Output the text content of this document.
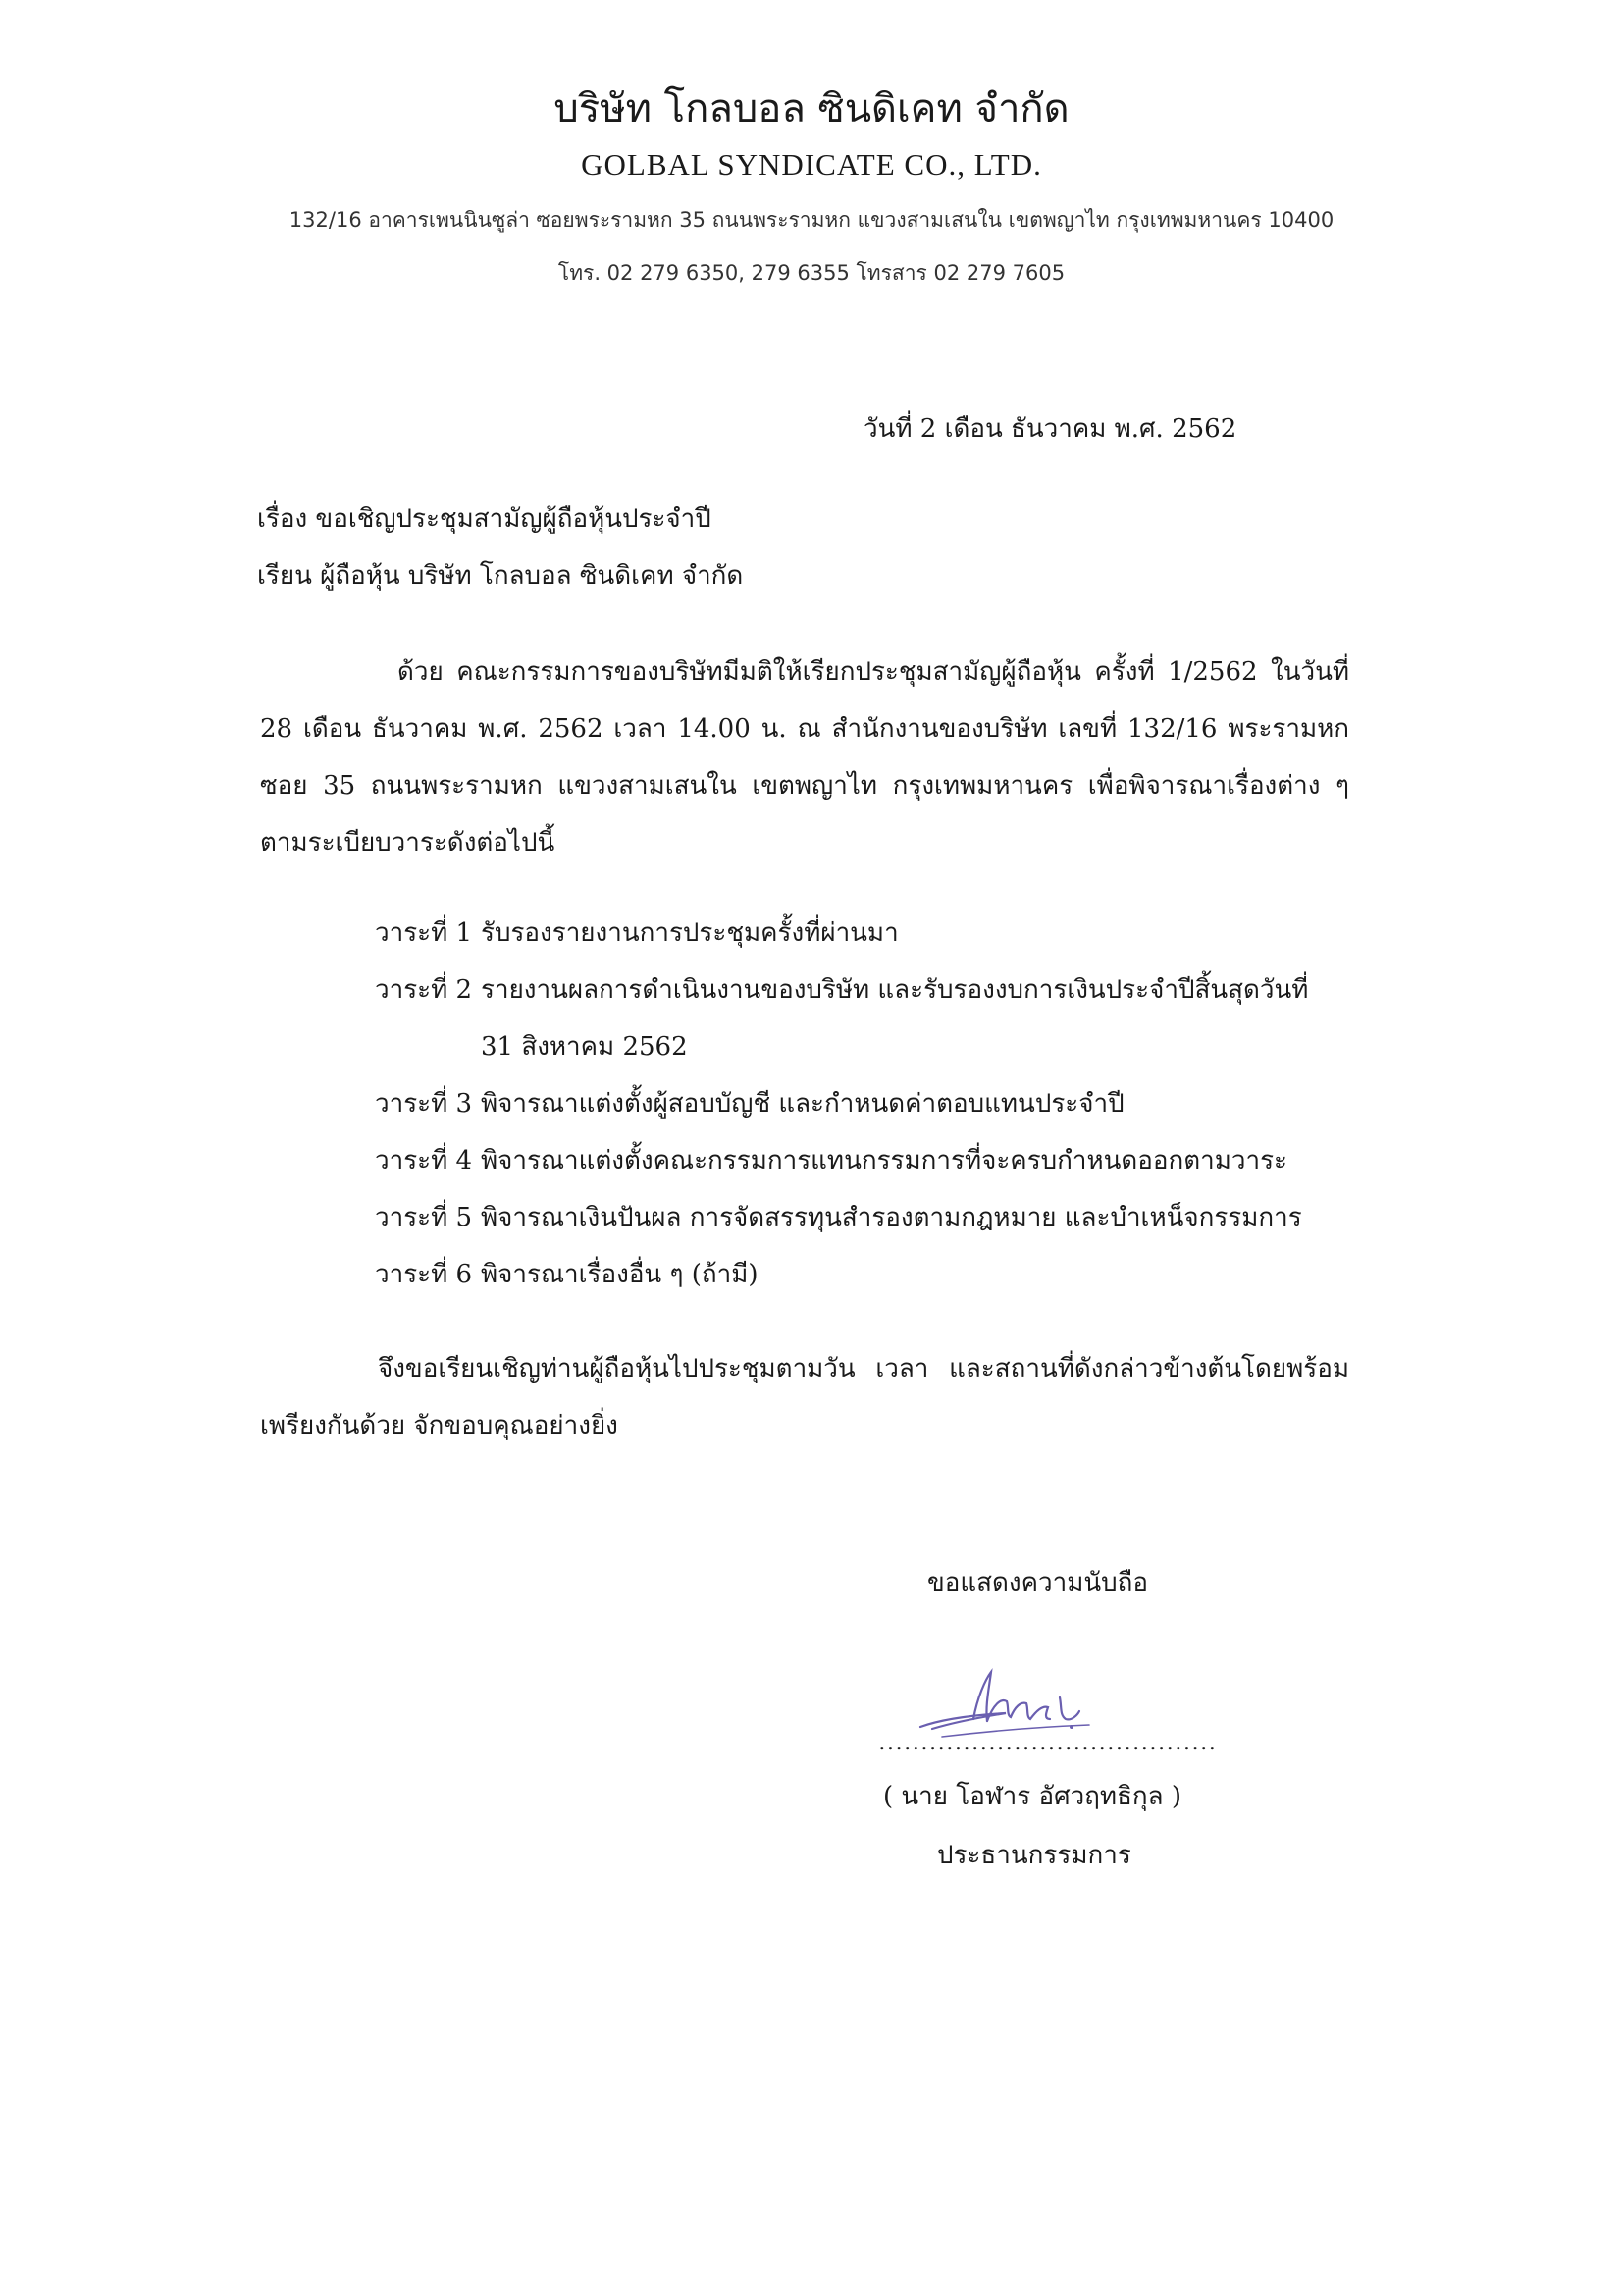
บริษัท โกลบอล ซินดิเคท จำกัด
GOLBAL SYNDICATE CO., LTD.
132/16 อาคารเพนนินซูล่า ซอยพระรามหก 35 ถนนพระรามหก แขวงสามเสนใน เขตพญาไท กรุงเทพมหานคร 10400
โทร. 02 279 6350, 279 6355 โทรสาร 02 279 7605
วันที่ 2 เดือน ธันวาคม พ.ศ. 2562
เรื่อง ขอเชิญประชุมสามัญผู้ถือหุ้นประจำปี
เรียน ผู้ถือหุ้น บริษัท โกลบอล ซินดิเคท จำกัด
ด้วย คณะกรรมการของบริษัทมีมติให้เรียกประชุมสามัญผู้ถือหุ้น ครั้งที่ 1/2562 ในวันที่
28 เดือน ธันวาคม พ.ศ. 2562 เวลา 14.00 น. ณ สำนักงานของบริษัท เลขที่ 132/16 พระรามหก
ซอย 35 ถนนพระรามหก แขวงสามเสนใน เขตพญาไท กรุงเทพมหานคร เพื่อพิจารณาเรื่องต่าง ๆ
ตามระเบียบวาระดังต่อไปนี้
วาระที่ 1 รับรองรายงานการประชุมครั้งที่ผ่านมา
วาระที่ 2 รายงานผลการดำเนินงานของบริษัท และรับรองงบการเงินประจำปีสิ้นสุดวันที่
31 สิงหาคม 2562
วาระที่ 3 พิจารณาแต่งตั้งผู้สอบบัญชี และกำหนดค่าตอบแทนประจำปี
วาระที่ 4 พิจารณาแต่งตั้งคณะกรรมการแทนกรรมการที่จะครบกำหนดออกตามวาระ
วาระที่ 5 พิจารณาเงินปันผล การจัดสรรทุนสำรองตามกฎหมาย และบำเหน็จกรรมการ
วาระที่ 6 พิจารณาเรื่องอื่น ๆ (ถ้ามี)
จึงขอเรียนเชิญท่านผู้ถือหุ้นไปประชุมตามวัน เวลา และสถานที่ดังกล่าวข้างต้นโดยพร้อม
เพรียงกันด้วย จักขอบคุณอย่างยิ่ง
ขอแสดงความนับถือ
........................................
( นาย โอฬาร อัศวฤทธิกุล )
ประธานกรรมการ
